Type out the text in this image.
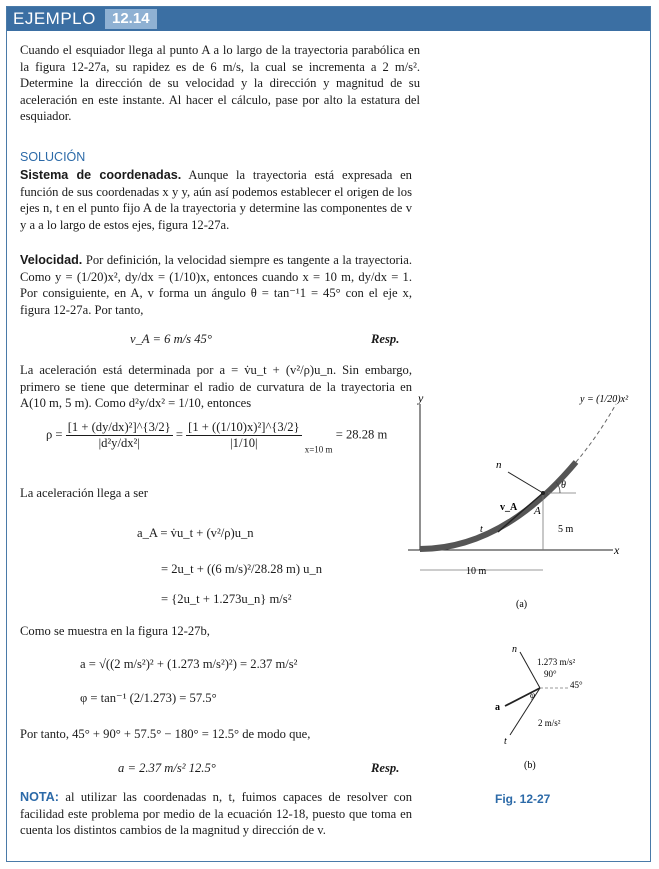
EJEMPLO	12.14
Cuando el esquiador llega al punto A a lo largo de la trayectoria parabólica en la figura 12-27a, su rapidez es de 6 m/s, la cual se incrementa a 2 m/s². Determine la dirección de su velocidad y la dirección y magnitud de su aceleración en este instante. Al hacer el cálculo, pase por alto la estatura del esquiador.
SOLUCIÓN
Sistema de coordenadas. Aunque la trayectoria está expresada en función de sus coordenadas x y y, aún así podemos establecer el origen de los ejes n, t en el punto fijo A de la trayectoria y determine las componentes de v y a a lo largo de estos ejes, figura 12-27a.
Velocidad. Por definición, la velocidad siempre es tangente a la trayectoria. Como y = (1/20)x², dy/dx = (1/10)x, entonces cuando x = 10 m, dy/dx = 1. Por consiguiente, en A, v forma un ángulo θ = tan⁻¹1 = 45° con el eje x, figura 12-27a. Por tanto,
v_A = 6 m/s 45°	Resp.
La aceleración está determinada por a = v̇u_t + (v²/ρ)u_n. Sin embargo, primero se tiene que determinar el radio de curvatura de la trayectoria en A(10 m, 5 m). Como d²y/dx² = 1/10, entonces
$\rho = \frac{\text{[1 + (dy/dx)²]\textasciicircum{}\{3/2\}}}{\text{|d²y/dx²|}} = \frac{\text{[1 + ((1/10)x)²]\textasciicircum{}\{3/2\}}}{|1/10|} _{x=10 m} = 28.28$ m
La aceleración llega a ser
a_A = v̇u_t + (v²/ρ)u_n
= 2u_t + ((6 m/s)²/28.28 m) u_n
= {2u_t + 1.273u_n} m/s²
Como se muestra en la figura 12-27b,
a = √((2 m/s²)² + (1.273 m/s²)²) = 2.37 m/s²
φ = tan⁻¹ (2/1.273) = 57.5°
Por tanto, 45° + 90° + 57.5° − 180° = 12.5° de modo que,
a = 2.37 m/s² 12.5°	Resp.
NOTA: al utilizar las coordenadas n, t, fuimos capaces de resolver con facilidad este problema por medio de la ecuación 12-18, puesto que toma en cuenta los distintos cambios de la magnitud y dirección de v.
y
x
y = (1/20)x²
5 m
10 m
n
v_A
t
A
θ
(a)
n
t
a
φ
1.273 m/s²
90°
45°
2 m/s²
(b)
Fig. 12-27
